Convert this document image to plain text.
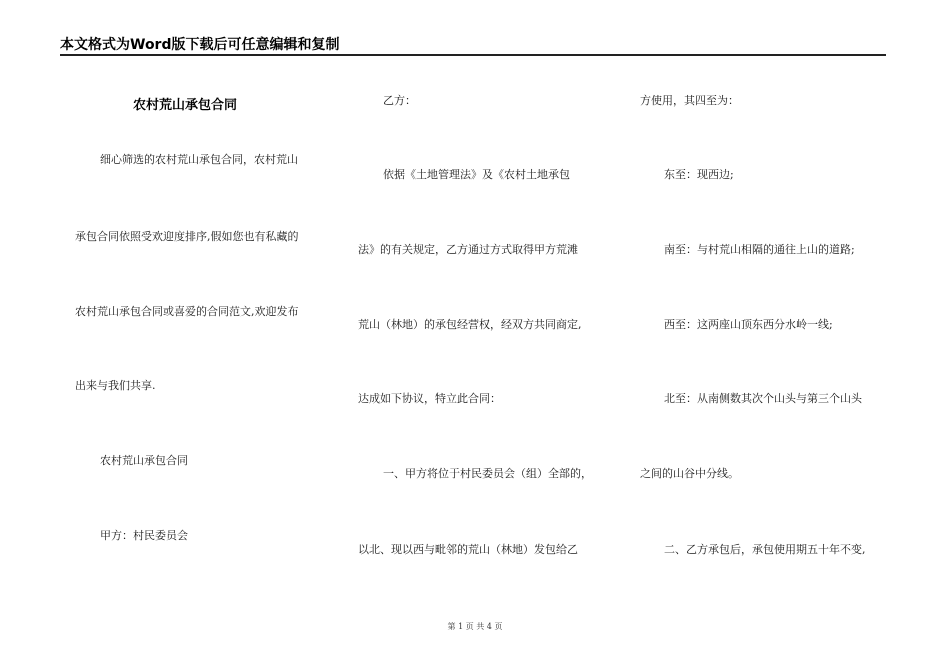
本文格式为Word版下载后可任意编辑和复制
农村荒山承包合同
细心筛选的农村荒山承包合同，农村荒山
承包合同依照受欢迎度排序,假如您也有私藏的
农村荒山承包合同或喜爱的合同范文,欢迎发布
出来与我们共享.
农村荒山承包合同
甲方：村民委员会
乙方：
依据《土地管理法》及《农村土地承包
法》的有关规定，乙方通过方式取得甲方荒滩
荒山（林地）的承包经营权，经双方共同商定,
达成如下协议，特立此合同：
一、甲方将位于村民委员会（组）全部的，
以北、现以西与毗邻的荒山（林地）发包给乙
方使用，其四至为：
东至：现西边;
南至：与村荒山相隔的通往上山的道路;
西至：这两座山顶东西分水岭一线;
北至：从南侧数其次个山头与第三个山头
之间的山谷中分线。
二、乙方承包后，承包使用期五十年不变,
第 1 页 共 4 页
